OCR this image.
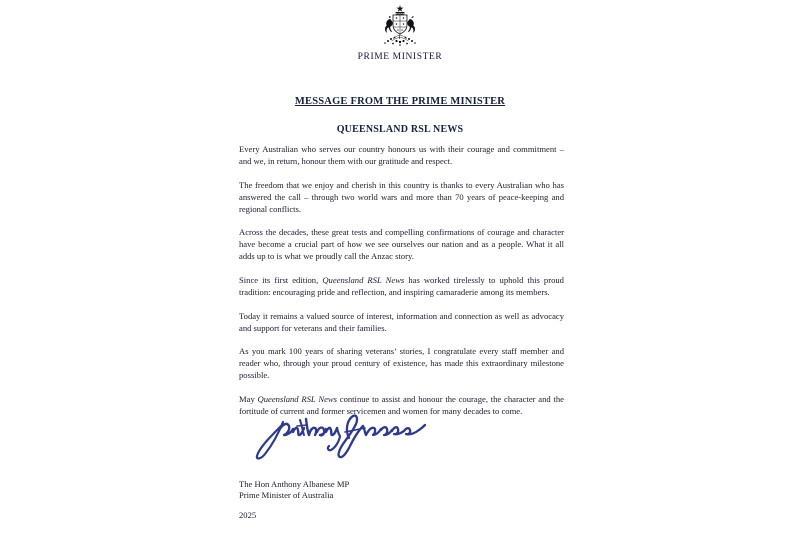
PRIME MINISTER
MESSAGE FROM THE PRIME MINISTER
QUEENSLAND RSL NEWS

Every Australian who serves our country honours us with their courage and commitment – and we, in return, honour them with our gratitude and respect.

The freedom that we enjoy and cherish in this country is thanks to every Australian who has answered the call – through two world wars and more than 70 years of peace-keeping and regional conflicts.

Across the decades, these great tests and compelling confirmations of courage and character have become a crucial part of how we see ourselves our nation and as a people. What it all adds up to is what we proudly call the Anzac story.

Since its first edition, Queensland RSL News has worked tirelessly to uphold this proud tradition: encouraging pride and reflection, and inspiring camaraderie among its members.

Today it remains a valued source of interest, information and connection as well as advocacy and support for veterans and their families.

As you mark 100 years of sharing veterans’ stories, I congratulate every staff member and reader who, through your proud century of existence, has made this extraordinary milestone possible.

May Queensland RSL News continue to assist and honour the courage, the character and the fortitude of current and former servicemen and women for many decades to come.

The Hon Anthony Albanese MP
Prime Minister of Australia
2025
